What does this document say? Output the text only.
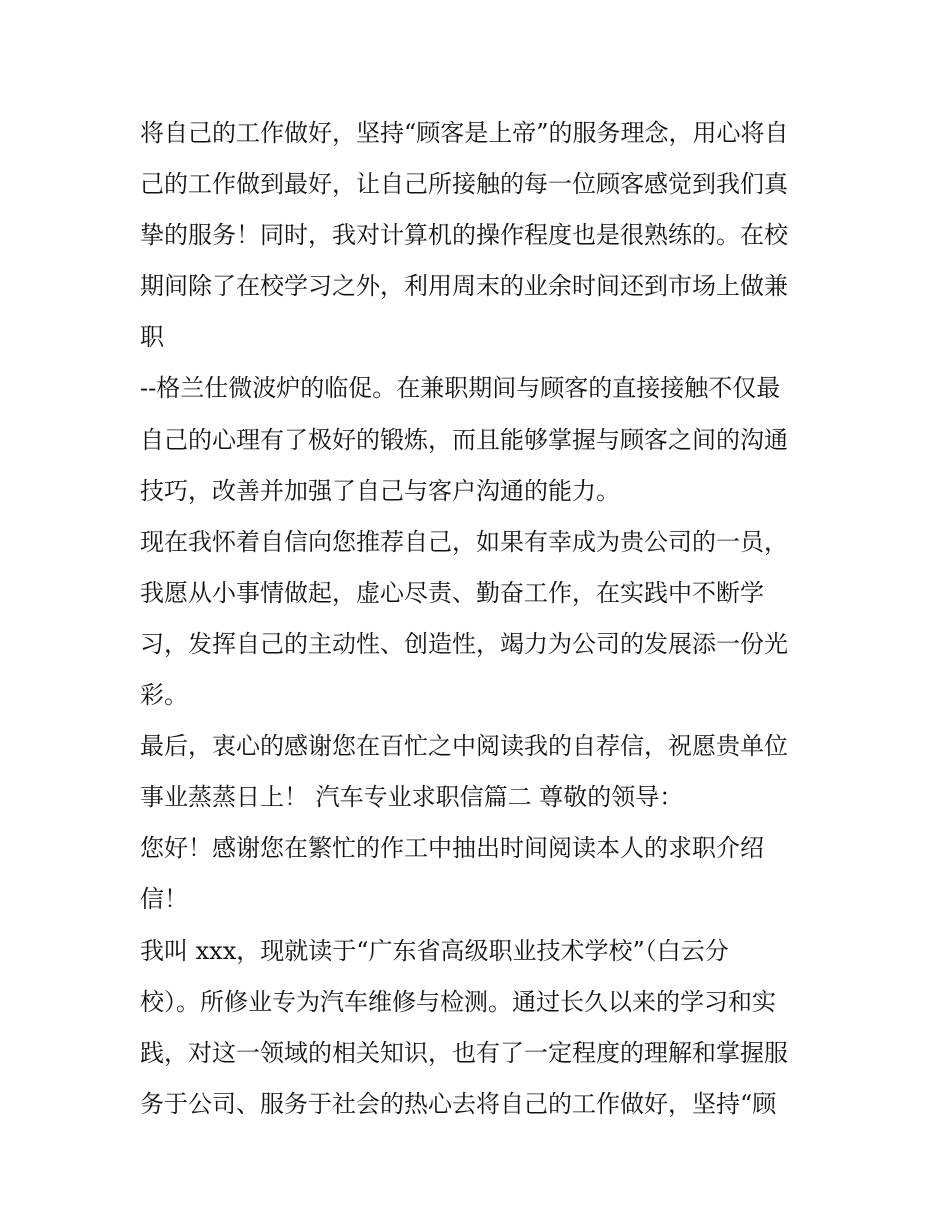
将自己的工作做好，坚持“顾客是上帝”的服务理念，用心将自
己的工作做到最好，让自己所接触的每一位顾客感觉到我们真
挚的服务！同时，我对计算机的操作程度也是很熟练的。在校
期间除了在校学习之外，利用周末的业余时间还到市场上做兼
职
--格兰仕微波炉的临促。在兼职期间与顾客的直接接触不仅最
自己的心理有了极好的锻炼，而且能够掌握与顾客之间的沟通
技巧，改善并加强了自己与客户沟通的能力。
现在我怀着自信向您推荐自己，如果有幸成为贵公司的一员，
我愿从小事情做起，虚心尽责、勤奋工作，在实践中不断学
习，发挥自己的主动性、创造性，竭力为公司的发展添一份光
彩。
最后，衷心的感谢您在百忙之中阅读我的自荐信，祝愿贵单位
事业蒸蒸日上！ 汽车专业求职信篇二 尊敬的领导：
您好！感谢您在繁忙的作工中抽出时间阅读本人的求职介绍
信！
我叫 xxx，现就读于“广东省高级职业技术学校”（白云分
校）。所修业专为汽车维修与检测。通过长久以来的学习和实
践，对这一领域的相关知识，也有了一定程度的理解和掌握服
务于公司、服务于社会的热心去将自己的工作做好，坚持“顾
